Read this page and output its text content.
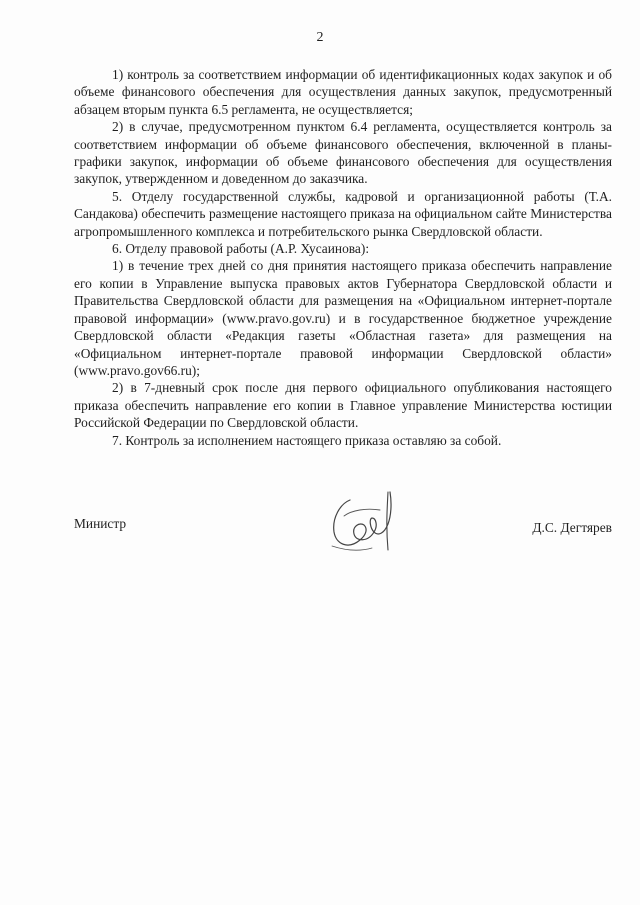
2

1) контроль за соответствием информации об идентификационных кодах закупок и об объеме финансового обеспечения для осуществления данных закупок, предусмотренный абзацем вторым пункта 6.5 регламента, не осуществляется;

2) в случае, предусмотренном пунктом 6.4 регламента, осуществляется контроль за соответствием информации об объеме финансового обеспечения, включенной в планы-графики закупок, информации об объеме финансового обеспечения для осуществления закупок, утвержденном и доведенном до заказчика.

5. Отделу государственной службы, кадровой и организационной работы (Т.А. Сандакова) обеспечить размещение настоящего приказа на официальном сайте Министерства агропромышленного комплекса и потребительского рынка Свердловской области.

6. Отделу правовой работы (А.Р. Хусаинова):

1) в течение трех дней со дня принятия настоящего приказа обеспечить направление его копии в Управление выпуска правовых актов Губернатора Свердловской области и Правительства Свердловской области для размещения на «Официальном интернет-портале правовой информации» (www.pravo.gov.ru) и в государственное бюджетное учреждение Свердловской области «Редакция газеты «Областная газета» для размещения на «Официальном интернет-портале правовой информации Свердловской области» (www.pravo.gov66.ru);

2) в 7-дневный срок после дня первого официального опубликования настоящего приказа обеспечить направление его копии в Главное управление Министерства юстиции Российской Федерации по Свердловской области.

7. Контроль за исполнением настоящего приказа оставляю за собой.

Министр	Д.С. Дегтярев
